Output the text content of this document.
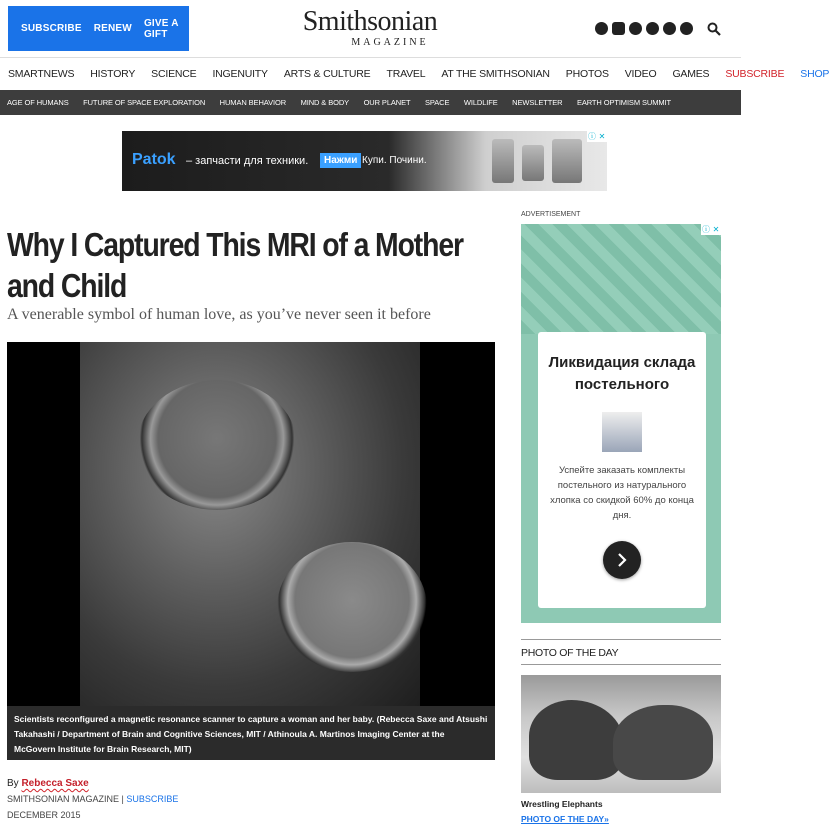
SUBSCRIBE RENEW GIVE A GIFT	Smithsonian
MAGAZINE
SMARTNEWS HISTORY SCIENCE INGENUITY ARTS & CULTURE TRAVEL AT THE SMITHSONIAN PHOTOS VIDEO GAMES SUBSCRIBE SHOP
AGE OF HUMANS FUTURE OF SPACE EXPLORATION HUMAN BEHAVIOR MIND & BODY OUR PLANET SPACE WILDLIFE NEWSLETTER EARTH OPTIMISM SUMMIT
Patok – запчасти для техники.	Нажми Купи. Почини.
ⓘ ✕
Why I Captured This MRI of a Mother and Child

A venerable symbol of human love, as you’ve never seen it before

Scientists reconfigured a magnetic resonance scanner to capture a woman and her baby. (Rebecca Saxe and Atsushi Takahashi / Department of Brain and Cognitive Sciences, MIT / Athinoula A. Martinos Imaging Center at the McGovern Institute for Brain Research, MIT)
By Rebecca Saxe
SMITHSONIAN MAGAZINE | SUBSCRIBE
DECEMBER 2015
ADVERTISEMENT
ⓘ ✕
Ликвидация склада постельного

Успейте заказать комплекты постельного из натурального хлопка со скидкой 60% до конца дня.

PHOTO OF THE DAY
Wrestling Elephants
PHOTO OF THE DAY»
